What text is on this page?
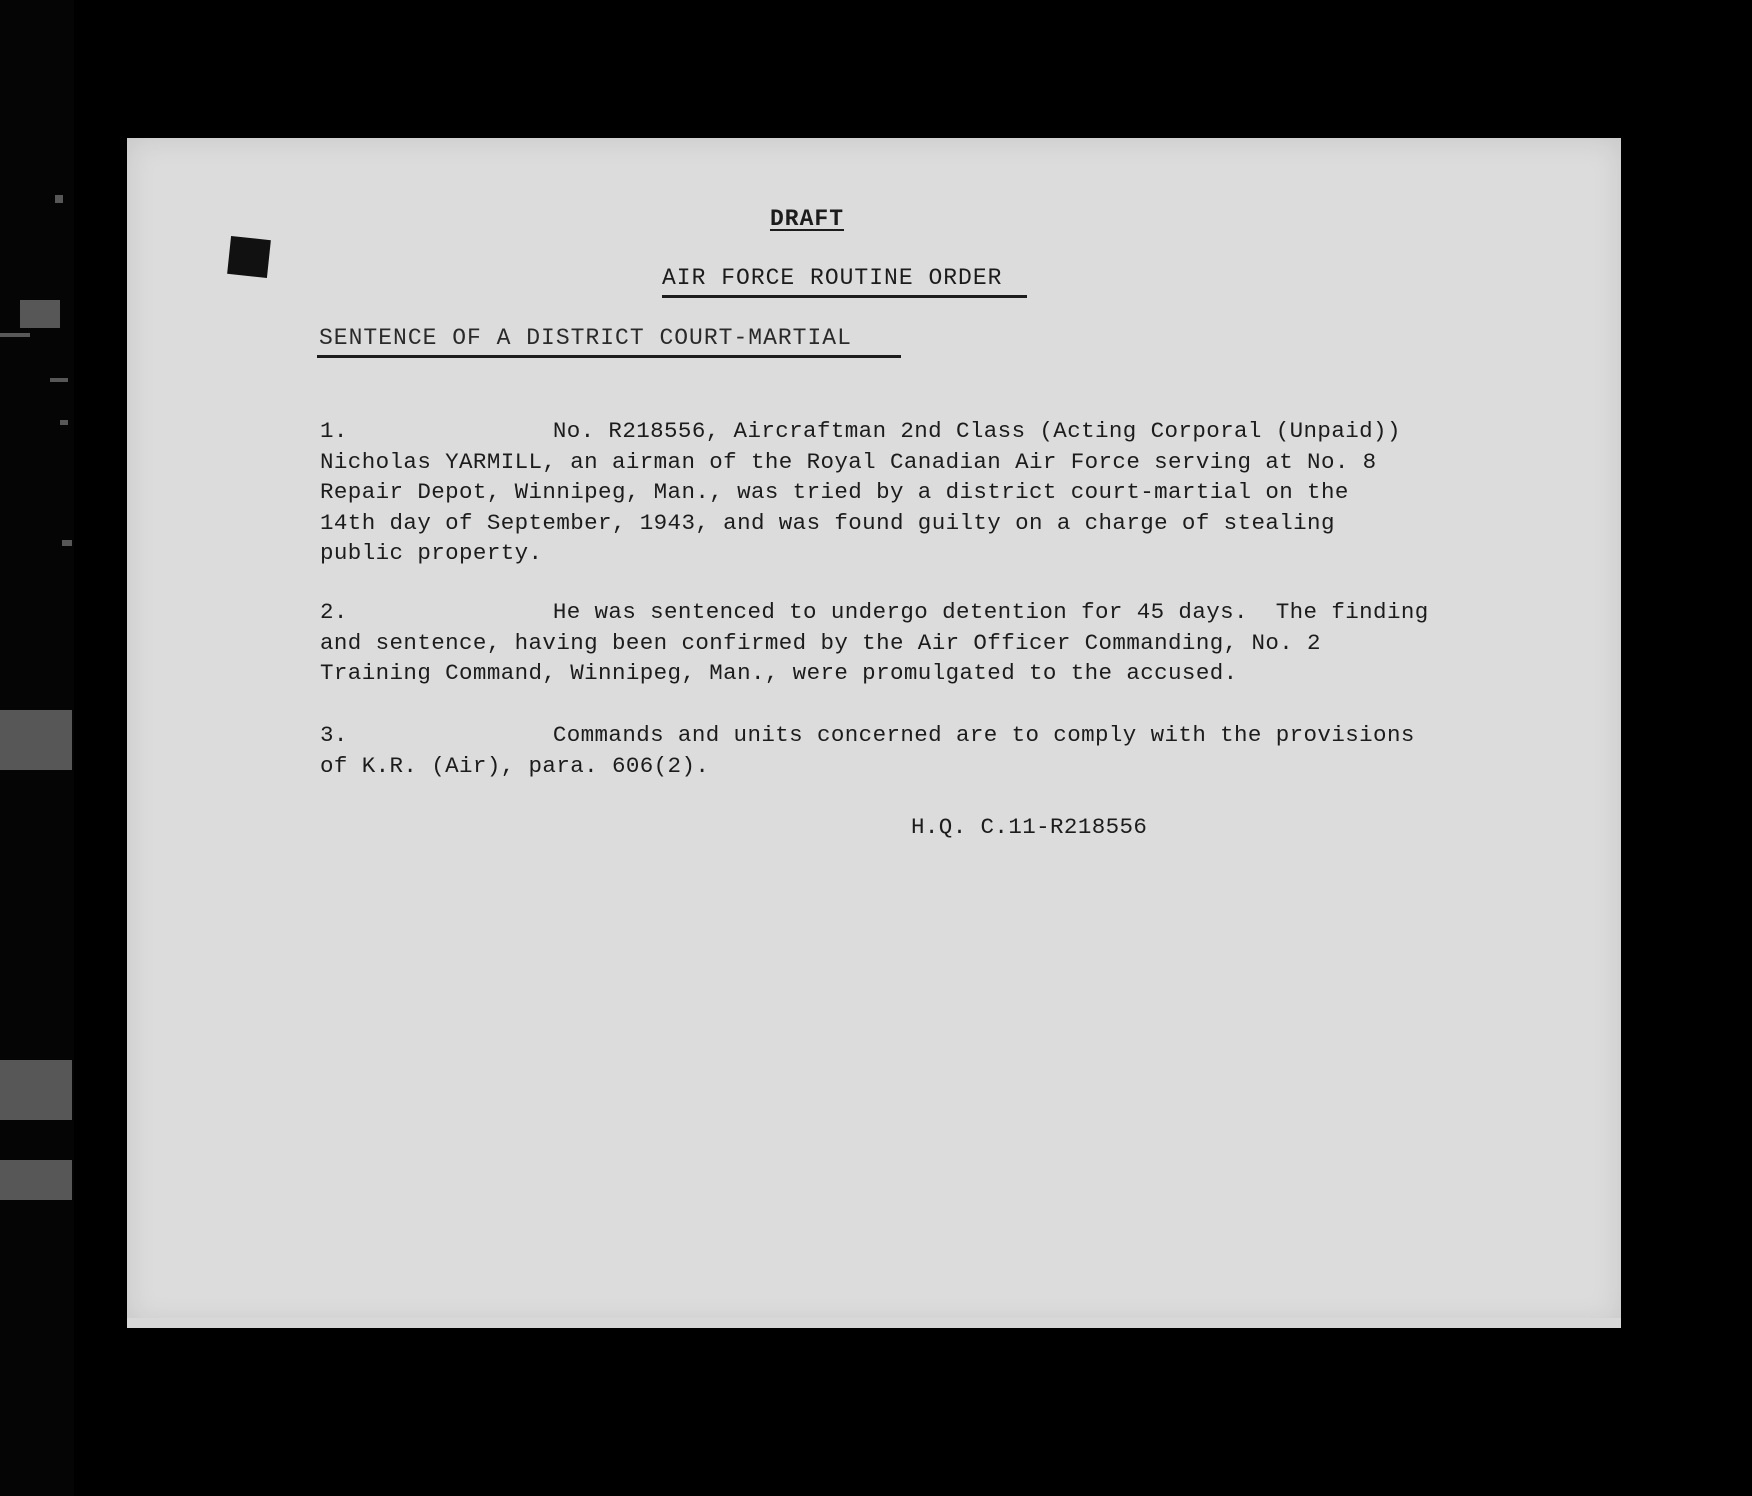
DRAFT
AIR FORCE ROUTINE ORDER
SENTENCE OF A DISTRICT COURT-MARTIAL
1.	No. R218556, Aircraftman 2nd Class (Acting Corporal (Unpaid))
Nicholas YARMILL, an airman of the Royal Canadian Air Force serving at No. 8
Repair Depot, Winnipeg, Man., was tried by a district court-martial on the
14th day of September, 1943, and was found guilty on a charge of stealing
public property.
2.	He was sentenced to undergo detention for 45 days.  The finding
and sentence, having been confirmed by the Air Officer Commanding, No. 2
Training Command, Winnipeg, Man., were promulgated to the accused.
3.	Commands and units concerned are to comply with the provisions
of K.R. (Air), para. 606(2).
H.Q. C.11-R218556
